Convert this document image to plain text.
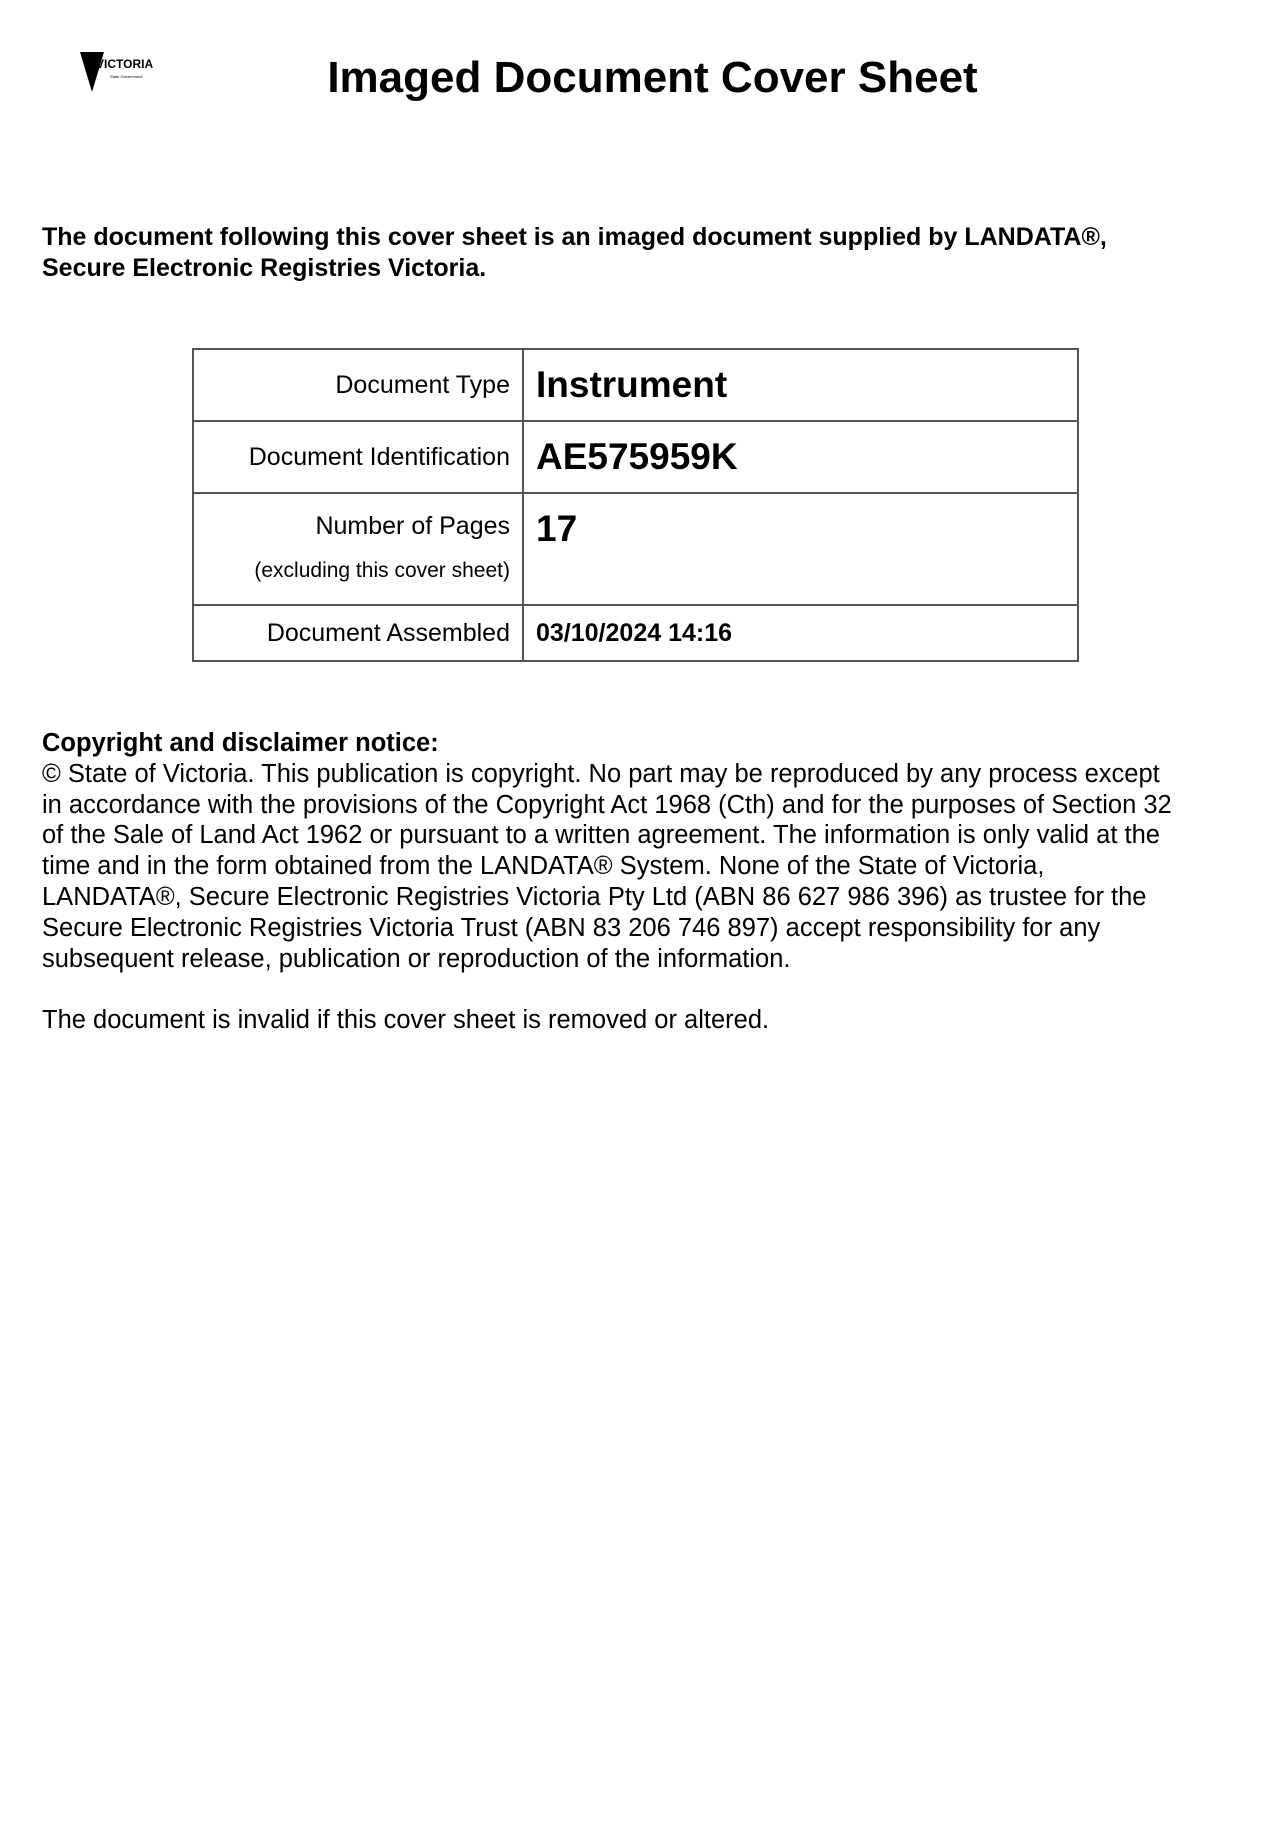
VICTORIA
State Government	Imaged Document Cover Sheet
The document following this cover sheet is an imaged document supplied by LANDATA®,
Secure Electronic Registries Victoria.
Document Type	Instrument
Document Identification	AE575959K

Number of Pages
(excluding this cover sheet)	17

Document Assembled	03/10/2024 14:16
Copyright and disclaimer notice:
© State of Victoria. This publication is copyright. No part may be reproduced by any process except
in accordance with the provisions of the Copyright Act 1968 (Cth) and for the purposes of Section 32
of the Sale of Land Act 1962 or pursuant to a written agreement. The information is only valid at the
time and in the form obtained from the LANDATA® System. None of the State of Victoria,
LANDATA®, Secure Electronic Registries Victoria Pty Ltd (ABN 86 627 986 396) as trustee for the
Secure Electronic Registries Victoria Trust (ABN 83 206 746 897) accept responsibility for any
subsequent release, publication or reproduction of the information.
The document is invalid if this cover sheet is removed or altered.
